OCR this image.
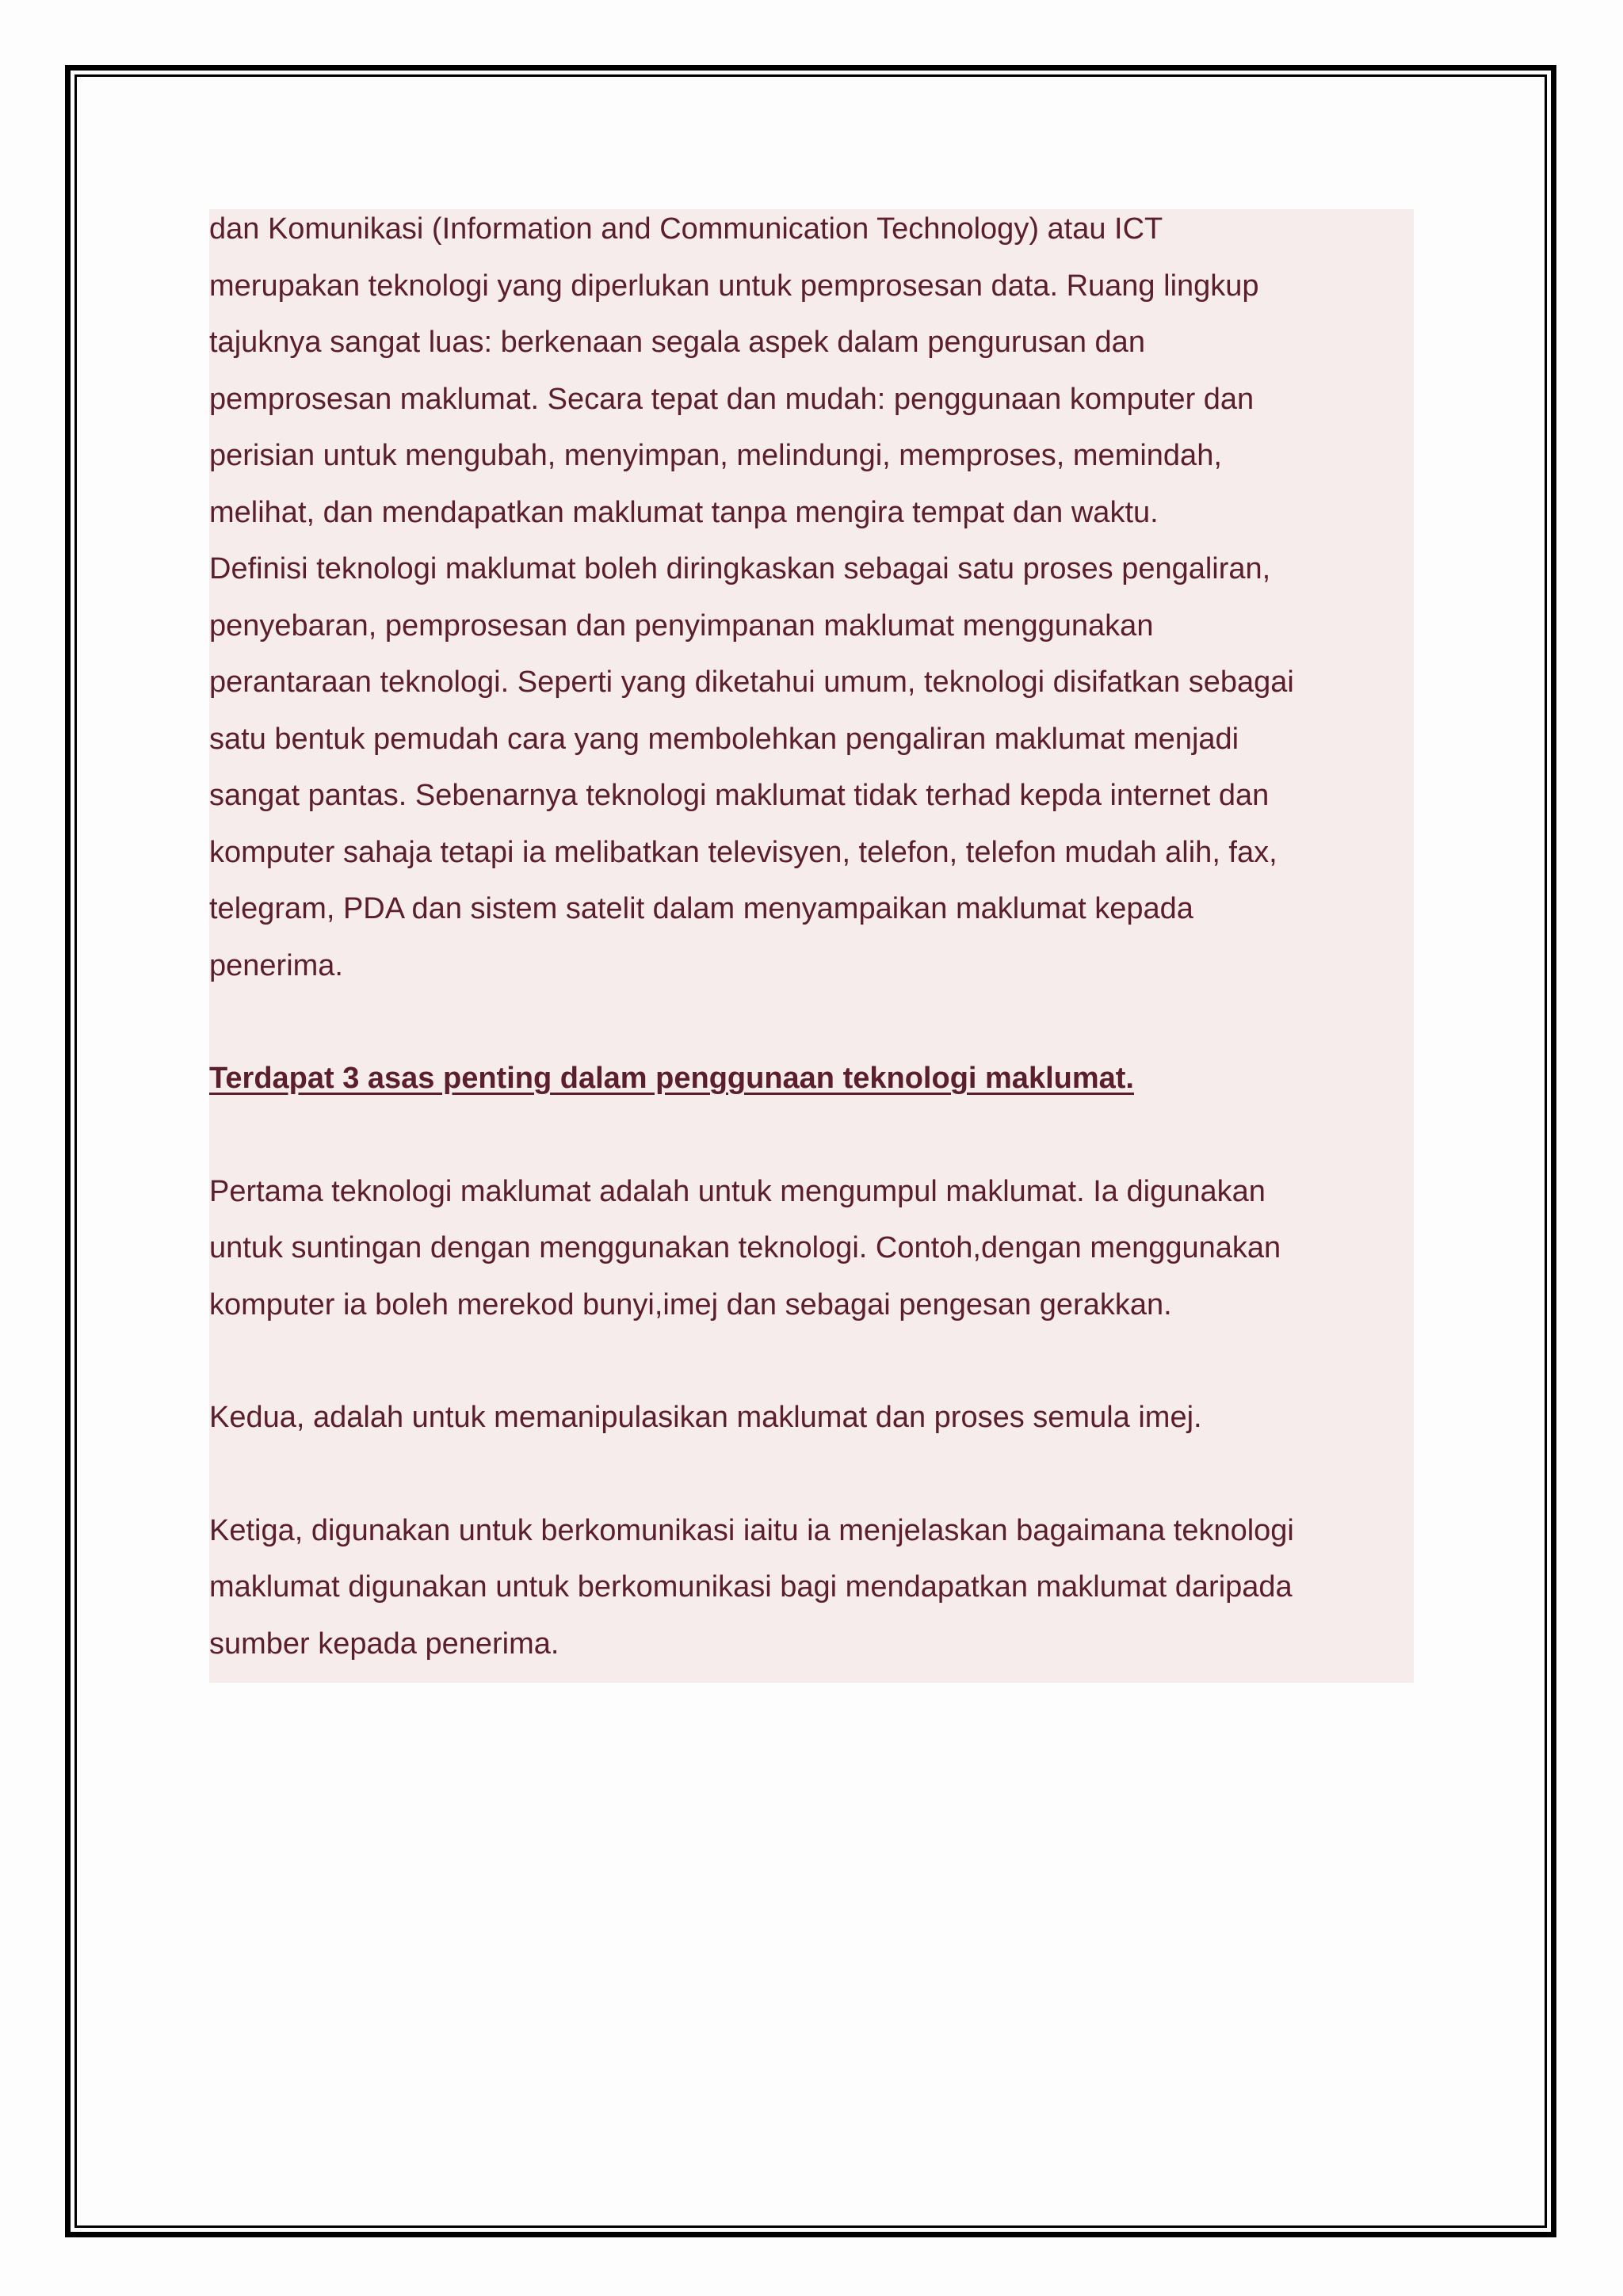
dan Komunikasi (Information and Communication Technology) atau ICT
merupakan teknologi yang diperlukan untuk pemprosesan data. Ruang lingkup
tajuknya sangat luas: berkenaan segala aspek dalam pengurusan dan
pemprosesan maklumat. Secara tepat dan mudah: penggunaan komputer dan
perisian untuk mengubah, menyimpan, melindungi, memproses, memindah,
melihat, dan mendapatkan maklumat tanpa mengira tempat dan waktu.
Definisi teknologi maklumat boleh diringkaskan sebagai satu proses pengaliran,
penyebaran, pemprosesan dan penyimpanan maklumat menggunakan
perantaraan teknologi. Seperti yang diketahui umum, teknologi disifatkan sebagai
satu bentuk pemudah cara yang membolehkan pengaliran maklumat menjadi
sangat pantas. Sebenarnya teknologi maklumat tidak terhad kepda internet dan
komputer sahaja tetapi ia melibatkan televisyen, telefon, telefon mudah alih, fax,
telegram, PDA dan sistem satelit dalam menyampaikan maklumat kepada
penerima.

Terdapat 3 asas penting dalam penggunaan teknologi maklumat.

Pertama teknologi maklumat adalah untuk mengumpul maklumat. Ia digunakan
untuk suntingan dengan menggunakan teknologi. Contoh,dengan menggunakan
komputer ia boleh merekod bunyi,imej dan sebagai pengesan gerakkan.

Kedua, adalah untuk memanipulasikan maklumat dan proses semula imej.

Ketiga, digunakan untuk berkomunikasi iaitu ia menjelaskan bagaimana teknologi
maklumat digunakan untuk berkomunikasi bagi mendapatkan maklumat daripada
sumber kepada penerima.
